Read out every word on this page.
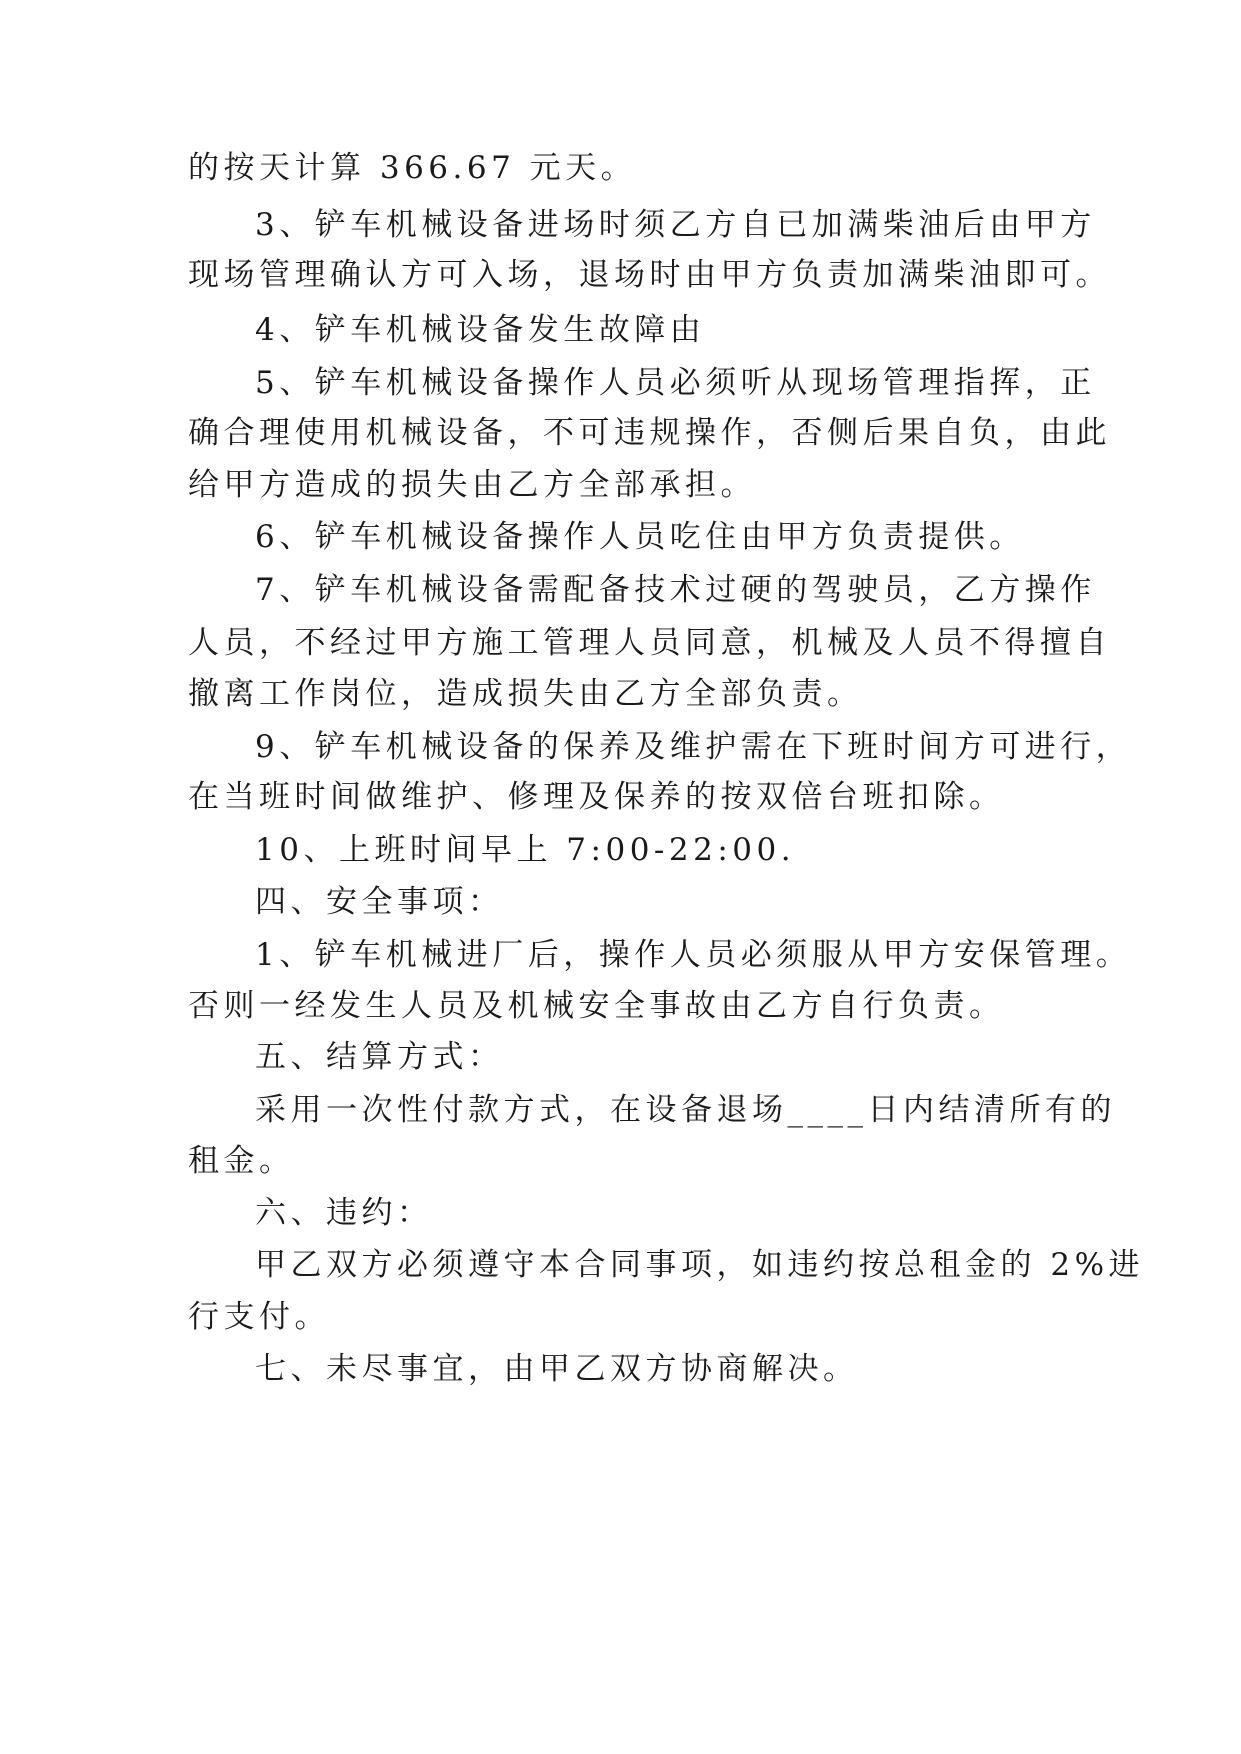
的按天计算 366.67 元天。
3、铲车机械设备进场时须乙方自已加满柴油后由甲方
现场管理确认方可入场，退场时由甲方负责加满柴油即可。
4、铲车机械设备发生故障由
5、铲车机械设备操作人员必须听从现场管理指挥，正
确合理使用机械设备，不可违规操作，否侧后果自负，由此
给甲方造成的损失由乙方全部承担。
6、铲车机械设备操作人员吃住由甲方负责提供。
7、铲车机械设备需配备技术过硬的驾驶员，乙方操作
人员，不经过甲方施工管理人员同意，机械及人员不得擅自
撤离工作岗位，造成损失由乙方全部负责。
9、铲车机械设备的保养及维护需在下班时间方可进行，
在当班时间做维护、修理及保养的按双倍台班扣除。
10、上班时间早上 7:00-22:00.
四、安全事项：
1、铲车机械进厂后，操作人员必须服从甲方安保管理。
否则一经发生人员及机械安全事故由乙方自行负责。
五、结算方式：
采用一次性付款方式，在设备退场____日内结清所有的
租金。
六、违约：
甲乙双方必须遵守本合同事项，如违约按总租金的 2%进
行支付。
七、未尽事宜，由甲乙双方协商解决。
